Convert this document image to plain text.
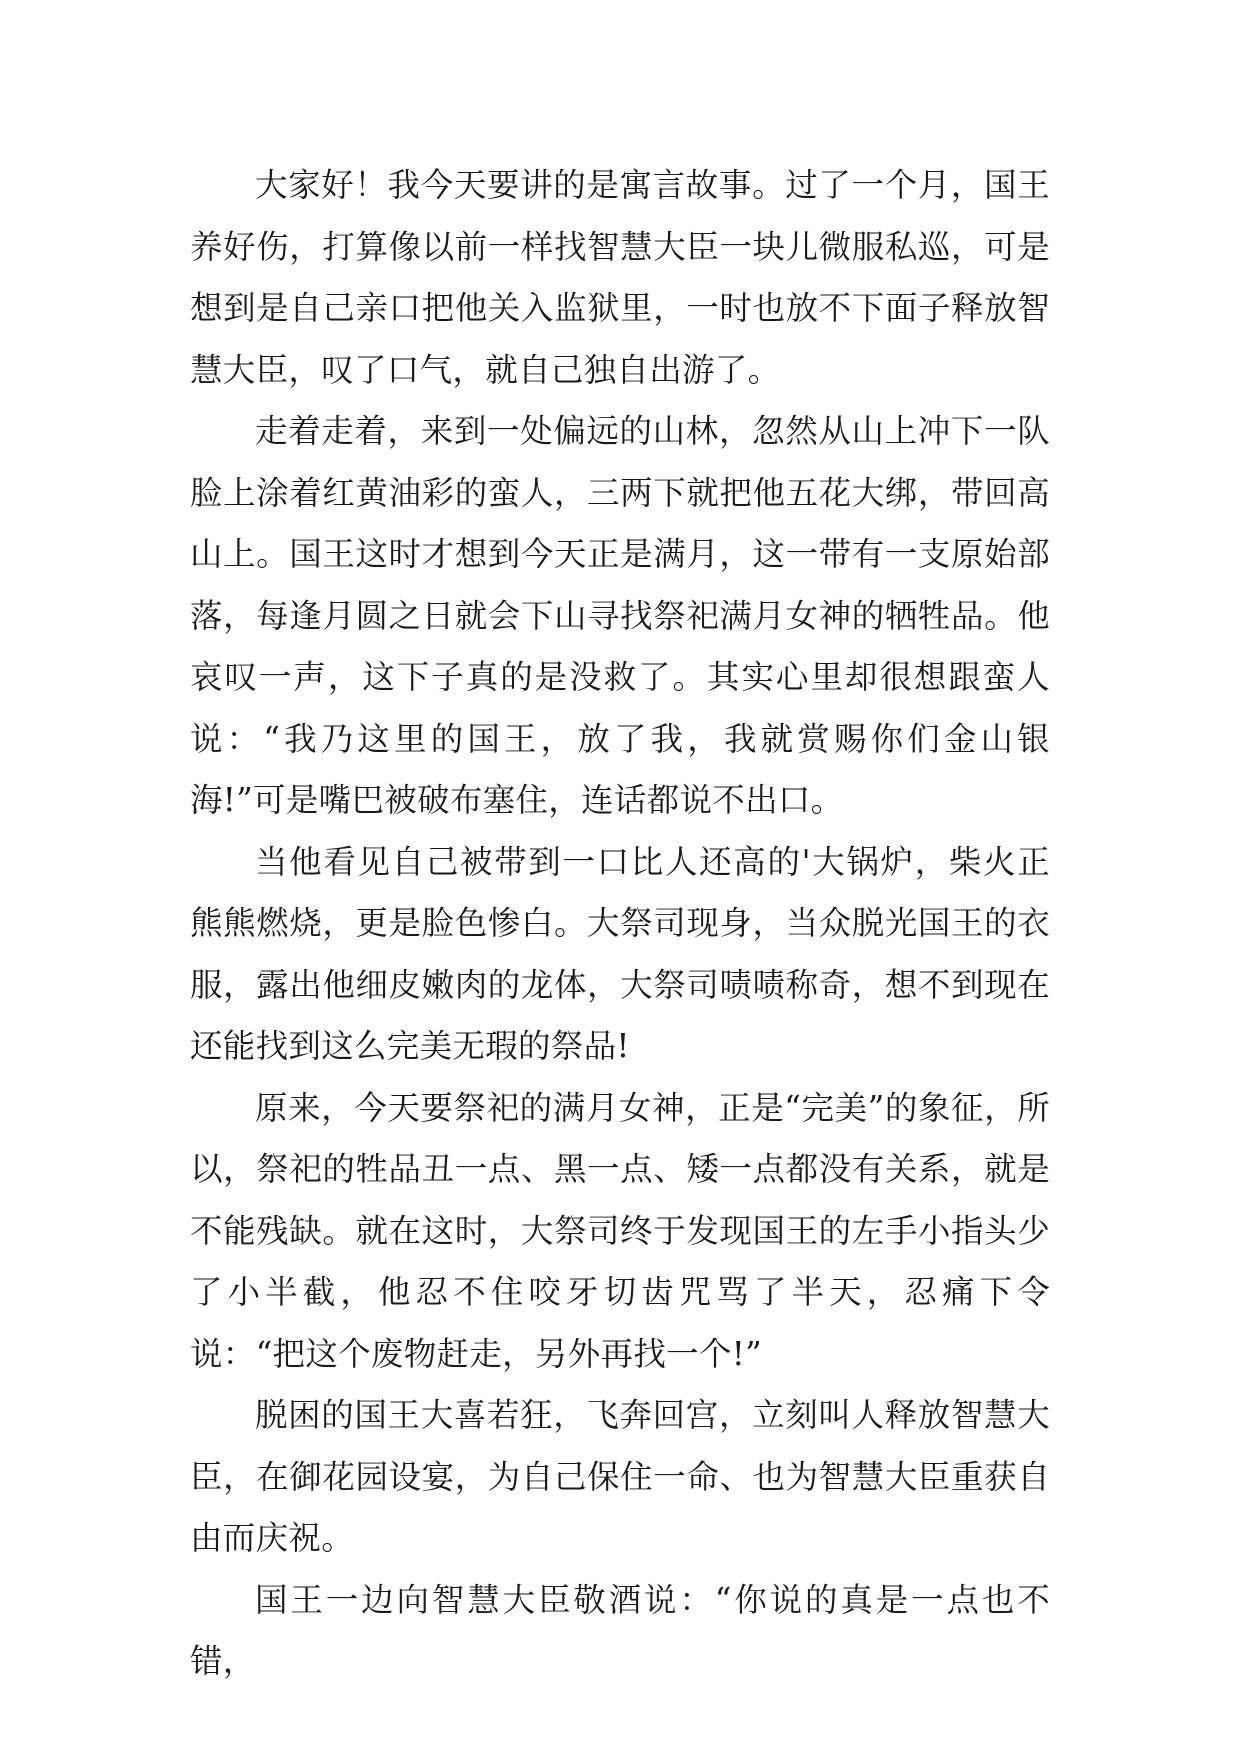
大家好！我今天要讲的是寓言故事。过了一个月，国王养好伤，打算像以前一样找智慧大臣一块儿微服私巡，可是想到是自己亲口把他关入监狱里，一时也放不下面子释放智慧大臣，叹了口气，就自己独自出游了。

走着走着，来到一处偏远的山林，忽然从山上冲下一队脸上涂着红黄油彩的蛮人，三两下就把他五花大绑，带回高山上。国王这时才想到今天正是满月，这一带有一支原始部落，每逢月圆之日就会下山寻找祭祀满月女神的牺牲品。他哀叹一声，这下子真的是没救了。其实心里却很想跟蛮人说：“我乃这里的国王，放了我，我就赏赐你们金山银海!”可是嘴巴被破布塞住，连话都说不出口。

当他看见自己被带到一口比人还高的'大锅炉，柴火正熊熊燃烧，更是脸色惨白。大祭司现身，当众脱光国王的衣服，露出他细皮嫩肉的龙体，大祭司啧啧称奇，想不到现在还能找到这么完美无瑕的祭品!

原来，今天要祭祀的满月女神，正是“完美”的象征，所以，祭祀的牲品丑一点、黑一点、矮一点都没有关系，就是不能残缺。就在这时，大祭司终于发现国王的左手小指头少了小半截，他忍不住咬牙切齿咒骂了半天，忍痛下令说：“把这个废物赶走，另外再找一个!”

脱困的国王大喜若狂，飞奔回宫，立刻叫人释放智慧大臣，在御花园设宴，为自己保住一命、也为智慧大臣重获自由而庆祝。

国王一边向智慧大臣敬酒说：“你说的真是一点也不错，
